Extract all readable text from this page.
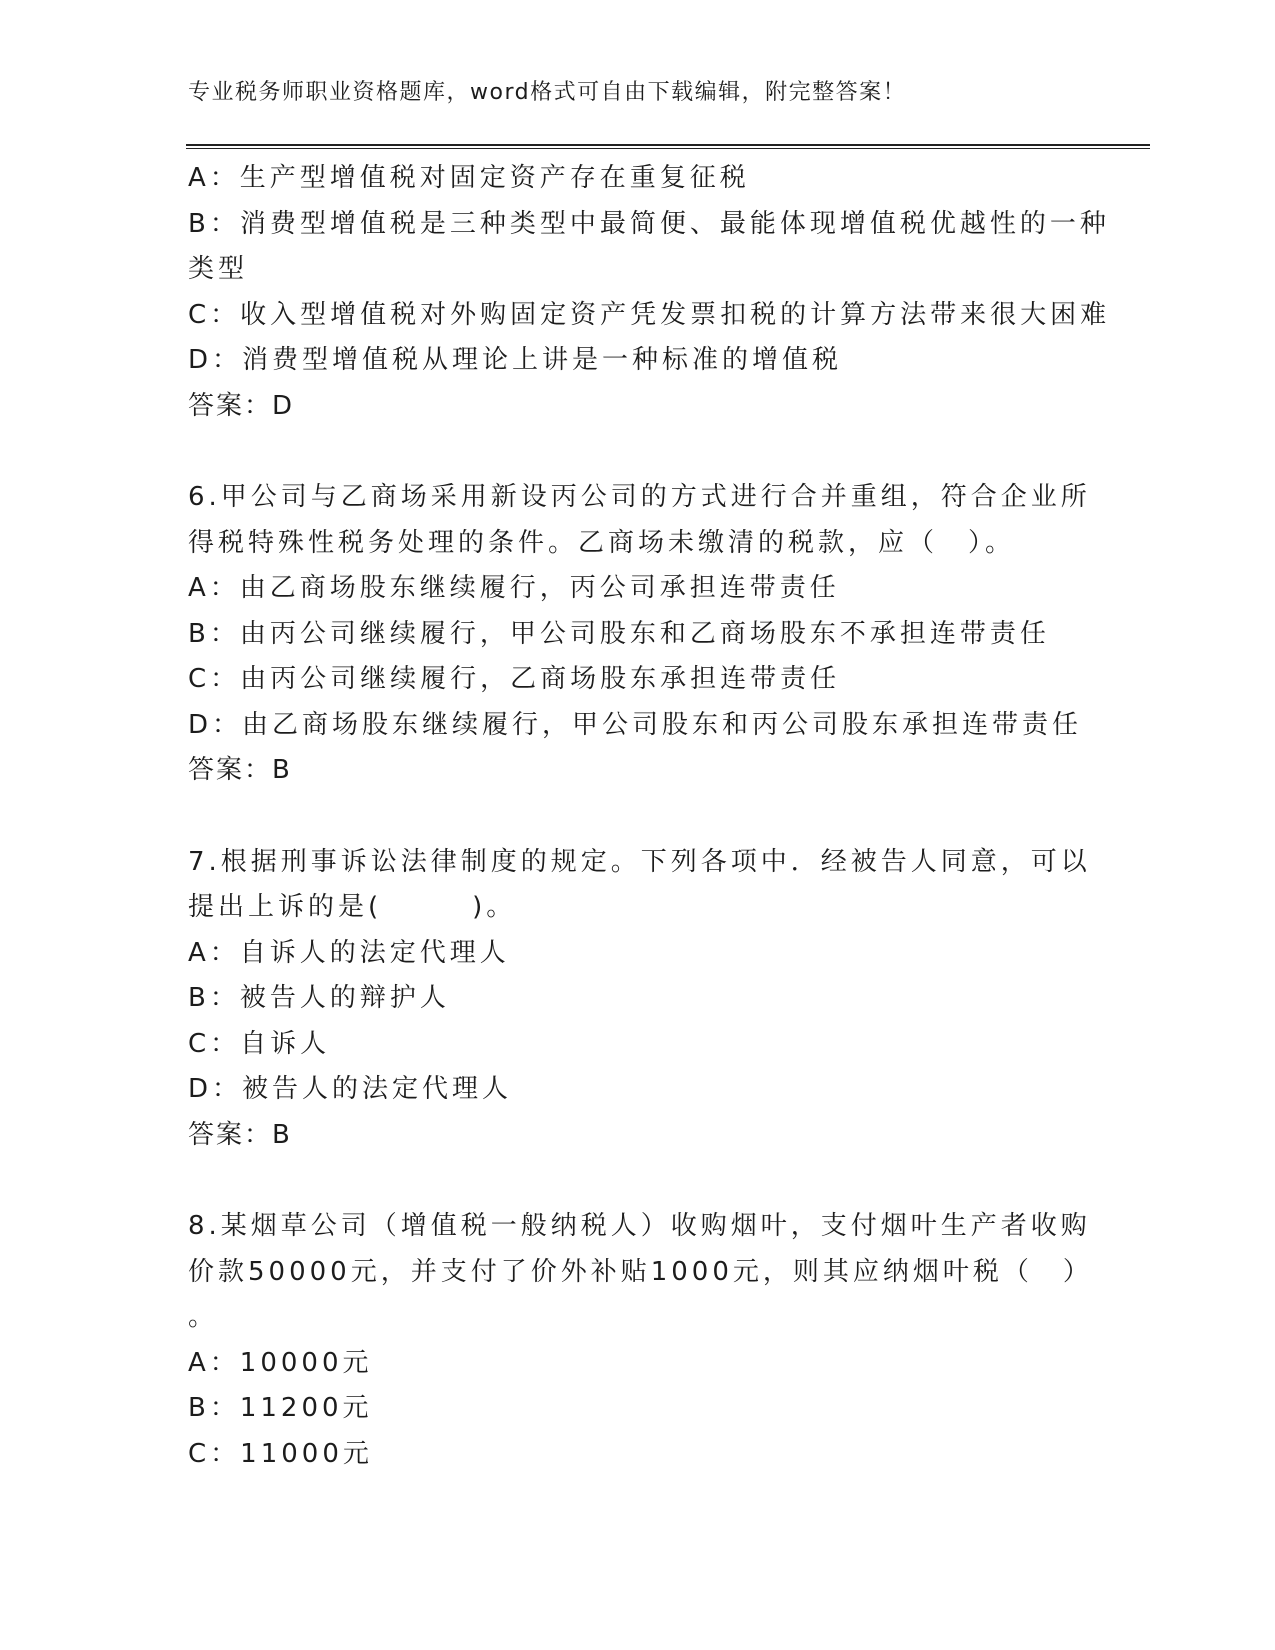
专业税务师职业资格题库，word格式可自由下载编辑，附完整答案！
A：生产型增值税对固定资产存在重复征税
B：消费型增值税是三种类型中最简便、最能体现增值税优越性的一种
类型
C：收入型增值税对外购固定资产凭发票扣税的计算方法带来很大困难
D：消费型增值税从理论上讲是一种标准的增值税
答案：D
6.甲公司与乙商场采用新设丙公司的方式进行合并重组，符合企业所
得税特殊性税务处理的条件。乙商场未缴清的税款，应（　）。
A：由乙商场股东继续履行，丙公司承担连带责任
B：由丙公司继续履行，甲公司股东和乙商场股东不承担连带责任
C：由丙公司继续履行，乙商场股东承担连带责任
D：由乙商场股东继续履行，甲公司股东和丙公司股东承担连带责任
答案：B
7.根据刑事诉讼法律制度的规定。下列各项中．经被告人同意，可以
提出上诉的是(　　　)。
A：自诉人的法定代理人
B：被告人的辩护人
C：自诉人
D：被告人的法定代理人
答案：B
8.某烟草公司（增值税一般纳税人）收购烟叶，支付烟叶生产者收购
价款50000元，并支付了价外补贴1000元，则其应纳烟叶税（　）
。
A：10000元
B：11200元
C：11000元
